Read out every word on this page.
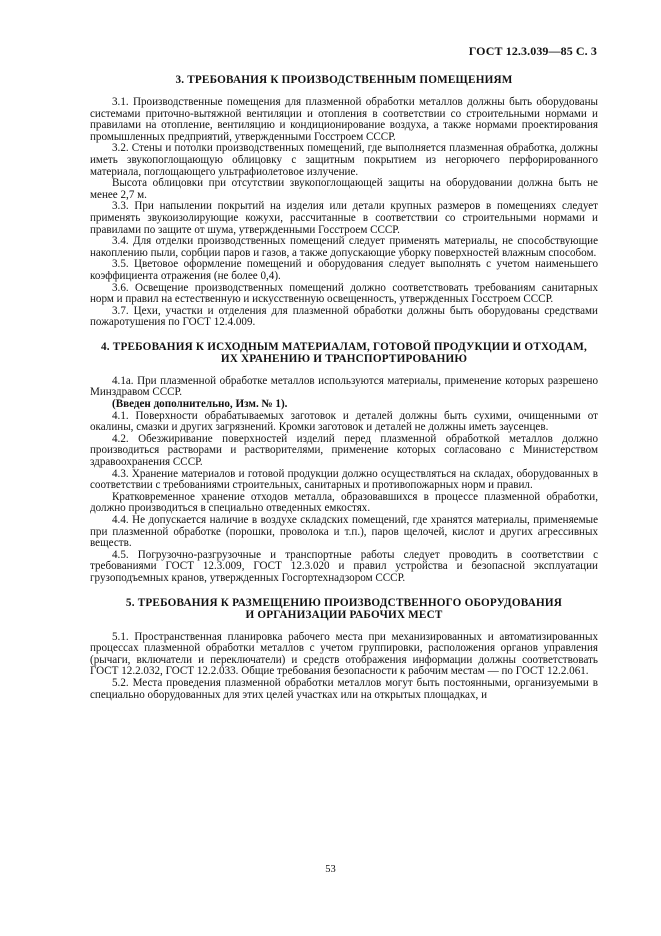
ГОСТ 12.3.039—85 С. 3
3. ТРЕБОВАНИЯ К ПРОИЗВОДСТВЕННЫМ ПОМЕЩЕНИЯМ

3.1. Производственные помещения для плазменной обработки металлов должны быть оборудованы системами приточно-вытяжной вентиляции и отопления в соответствии со строительными нормами и правилами на отопление, вентиляцию и кондиционирование воздуха, а также нормами проектирования промышленных предприятий, утвержденными Госстроем СССР.

3.2. Стены и потолки производственных помещений, где выполняется плазменная обработка, должны иметь звукопоглощающую облицовку с защитным покрытием из негорючего перфорированного материала, поглощающего ультрафиолетовое излучение.

Высота облицовки при отсутствии звукопоглощающей защиты на оборудовании должна быть не менее 2,7 м.

3.3. При напылении покрытий на изделия или детали крупных размеров в помещениях следует применять звукоизолирующие кожухи, рассчитанные в соответствии со строительными нормами и правилами по защите от шума, утвержденными Госстроем СССР.

3.4. Для отделки производственных помещений следует применять материалы, не способствующие накоплению пыли, сорбции паров и газов, а также допускающие уборку поверхностей влажным способом.

3.5. Цветовое оформление помещений и оборудования следует выполнять с учетом наименьшего коэффициента отражения (не более 0,4).

3.6. Освещение производственных помещений должно соответствовать требованиям санитарных норм и правил на естественную и искусственную освещенность, утвержденных Госстроем СССР.

3.7. Цехи, участки и отделения для плазменной обработки должны быть оборудованы средствами пожаротушения по ГОСТ 12.4.009.

4. ТРЕБОВАНИЯ К ИСХОДНЫМ МАТЕРИАЛАМ, ГОТОВОЙ ПРОДУКЦИИ И ОТХОДАМ,
ИХ ХРАНЕНИЮ И ТРАНСПОРТИРОВАНИЮ

4.1а. При плазменной обработке металлов используются материалы, применение которых разрешено Минздравом СССР.

(Введен дополнительно, Изм. № 1).

4.1. Поверхности обрабатываемых заготовок и деталей должны быть сухими, очищенными от окалины, смазки и других загрязнений. Кромки заготовок и деталей не должны иметь заусенцев.

4.2. Обезжиривание поверхностей изделий перед плазменной обработкой металлов должно производиться растворами и растворителями, применение которых согласовано с Министерством здравоохранения СССР.

4.3. Хранение материалов и готовой продукции должно осуществляться на складах, оборудованных в соответствии с требованиями строительных, санитарных и противопожарных норм и правил.

Кратковременное хранение отходов металла, образовавшихся в процессе плазменной обработки, должно производиться в специально отведенных емкостях.

4.4. Не допускается наличие в воздухе складских помещений, где хранятся материалы, применяемые при плазменной обработке (порошки, проволока и т.п.), паров щелочей, кислот и других агрессивных веществ.

4.5. Погрузочно-разгрузочные и транспортные работы следует проводить в соответствии с требованиями ГОСТ 12.3.009, ГОСТ 12.3.020 и правил устройства и безопасной эксплуатации грузоподъемных кранов, утвержденных Госгортехнадзором СССР.

5. ТРЕБОВАНИЯ К РАЗМЕЩЕНИЮ ПРОИЗВОДСТВЕННОГО ОБОРУДОВАНИЯ
И ОРГАНИЗАЦИИ РАБОЧИХ МЕСТ

5.1. Пространственная планировка рабочего места при механизированных и автоматизированных процессах плазменной обработки металлов с учетом группировки, расположения органов управления (рычаги, включатели и переключатели) и средств отображения информации должны соответствовать ГОСТ 12.2.032, ГОСТ 12.2.033. Общие требования безопасности к рабочим местам — по ГОСТ 12.2.061.

5.2. Места проведения плазменной обработки металлов могут быть постоянными, организуемыми в специально оборудованных для этих целей участках или на открытых площадках, и

53
